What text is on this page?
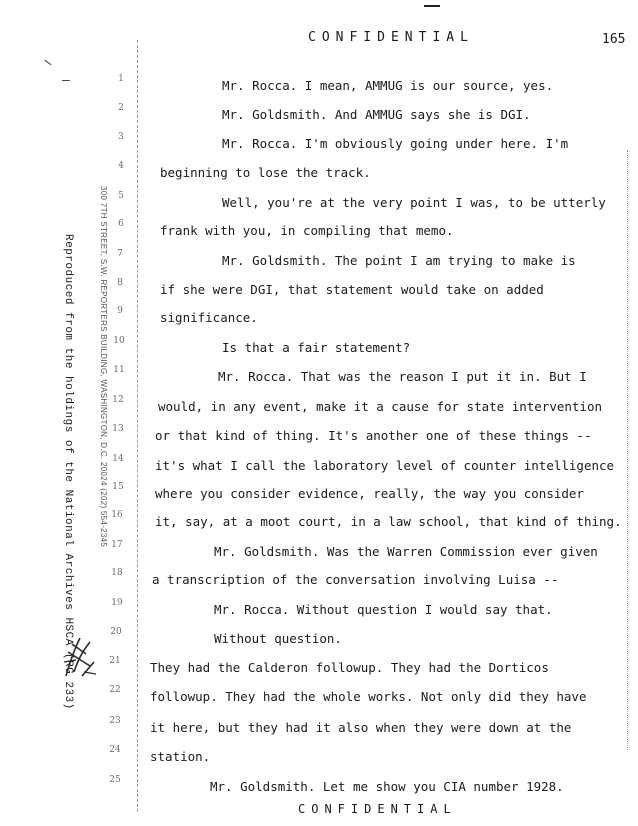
CONFIDENTIAL	165
Reproduced from the holdings of the National Archives HSCA (RG 233)	300 7TH STREET, S.W. REPORTERS BUILDING, WASHINGTON, D.C. 20024 (202) 554-2345
1
2
3
4
5
6
7
8
9
10
11
12
13
14
15
16
17
18
19
20
21
22
23
24
25
Mr. Rocca. I mean, AMMUG is our source, yes.
Mr. Goldsmith. And AMMUG says she is DGI.
Mr. Rocca. I'm obviously going under here. I'm
beginning to lose the track.
Well, you're at the very point I was, to be utterly
frank with you, in compiling that memo.
Mr. Goldsmith. The point I am trying to make is
if she were DGI, that statement would take on added
significance.
Is that a fair statement?
Mr. Rocca. That was the reason I put it in. But I
would, in any event, make it a cause for state intervention
or that kind of thing. It's another one of these things --
it's what I call the laboratory level of counter intelligence
where you consider evidence, really, the way you consider
it, say, at a moot court, in a law school, that kind of thing.
Mr. Goldsmith. Was the Warren Commission ever given
a transcription of the conversation involving Luisa --
Mr. Rocca. Without question I would say that.
Without question.
They had the Calderon followup. They had the Dorticos
followup. They had the whole works. Not only did they have
it here, but they had it also when they were down at the
station.
Mr. Goldsmith. Let me show you CIA number 1928.
CONFIDENTIAL
